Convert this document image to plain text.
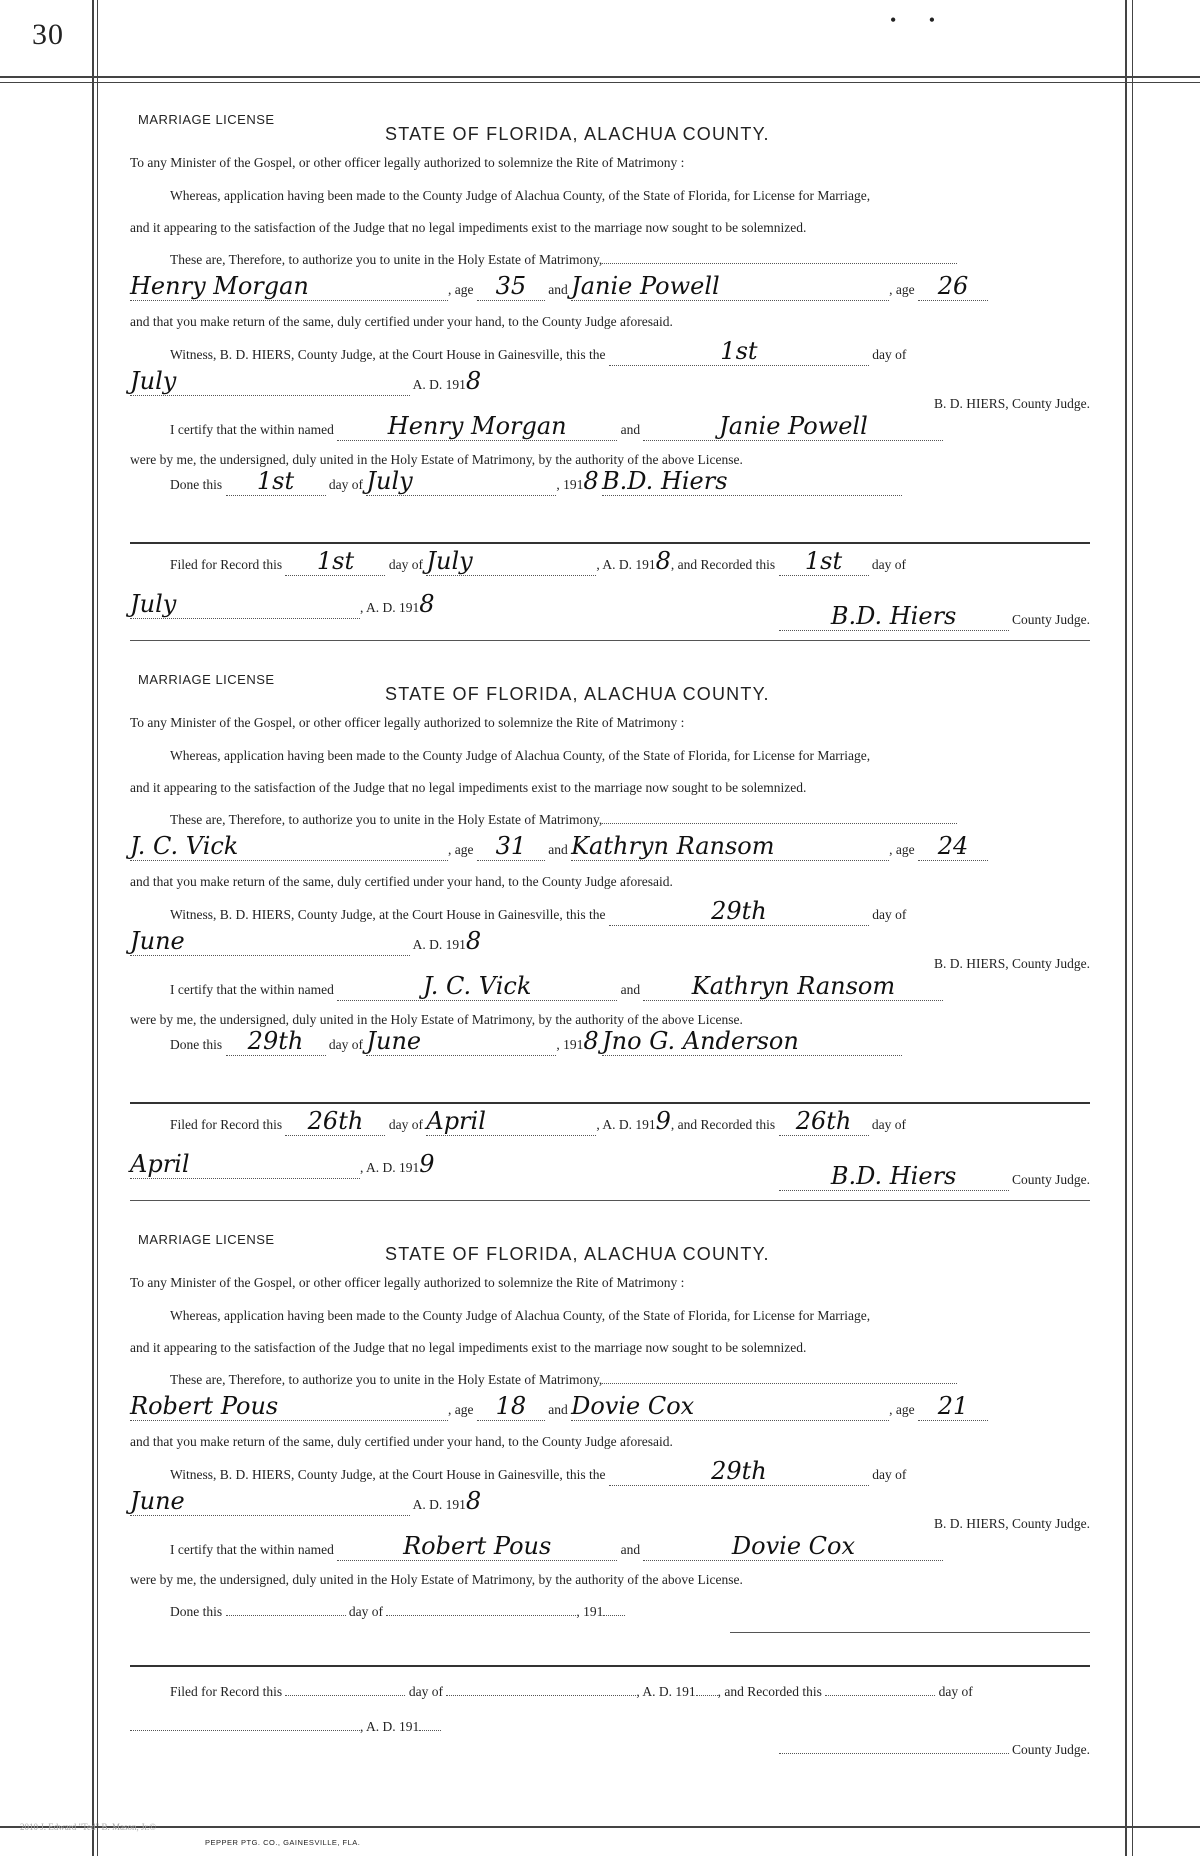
30	• •
MARRIAGE LICENSE
STATE OF FLORIDA, ALACHUA COUNTY.
To any Minister of the Gospel, or other officer legally authorized to solemnize the Rite of Matrimony :
Whereas, application having been made to the County Judge of Alachua County, of the State of Florida, for License for Marriage,
and it appearing to the satisfaction of the Judge that no legal impediments exist to the marriage now sought to be solemnized.
These are, Therefore, to authorize you to unite in the Holy Estate of Matrimony,
Henry Morgan	, age 35 and Janie Powell	, age 26
and that you make return of the same, duly certified under your hand, to the County Judge aforesaid.
Witness, B. D. HIERS, County Judge, at the Court House in Gainesville, this the	1st	day of
July	A. D. 1918
B. D. HIERS, County Judge.
I certify that the within named Henry Morgan	and	Janie Powell
were by me, the undersigned, duly united in the Holy Estate of Matrimony, by the authority of the above License.
Done this 1st	day of July	, 1918 B.D. Hiers
Filed for Record this 1st	day of July	, A. D. 1918, and Recorded this 1st day of
July	, A. D. 1918	B.D. Hiers	County Judge.
MARRIAGE LICENSE
STATE OF FLORIDA, ALACHUA COUNTY.
To any Minister of the Gospel, or other officer legally authorized to solemnize the Rite of Matrimony :
Whereas, application having been made to the County Judge of Alachua County, of the State of Florida, for License for Marriage,
and it appearing to the satisfaction of the Judge that no legal impediments exist to the marriage now sought to be solemnized.
These are, Therefore, to authorize you to unite in the Holy Estate of Matrimony,
J. C. Vick	, age 31 and Kathryn Ransom	, age 24
and that you make return of the same, duly certified under your hand, to the County Judge aforesaid.
Witness, B. D. HIERS, County Judge, at the Court House in Gainesville, this the	29th	day of
June	A. D. 1918
B. D. HIERS, County Judge.
I certify that the within named	J. C. Vick	and Kathryn Ransom
were by me, the undersigned, duly united in the Holy Estate of Matrimony, by the authority of the above License.
Done this 29th day of June	, 1918 Jno G. Anderson
Filed for Record this 26th day of April	, A. D. 1919, and Recorded this 26th day of
April	, A. D. 1919	B.D. Hiers	County Judge.
MARRIAGE LICENSE
STATE OF FLORIDA, ALACHUA COUNTY.
To any Minister of the Gospel, or other officer legally authorized to solemnize the Rite of Matrimony :
Whereas, application having been made to the County Judge of Alachua County, of the State of Florida, for License for Marriage,
and it appearing to the satisfaction of the Judge that no legal impediments exist to the marriage now sought to be solemnized.
These are, Therefore, to authorize you to unite in the Holy Estate of Matrimony,
Robert Pous	, age 18 and Dovie Cox	, age 21
and that you make return of the same, duly certified under your hand, to the County Judge aforesaid.
Witness, B. D. HIERS, County Judge, at the Court House in Gainesville, this the	29th	day of
June	A. D. 1918
B. D. HIERS, County Judge.
I certify that the within named	Robert Pous	and	Dovie Cox
were by me, the undersigned, duly united in the Holy Estate of Matrimony, by the authority of the above License.
Done this	day of	, 191
Filed for Record this	day of	, A. D. 191 , and Recorded this	day of
, A. D. 191
County Judge.
2010 J. Edward "Ted" B. Mason, Jr.©
PEPPER PTG. CO., GAINESVILLE, FLA.
